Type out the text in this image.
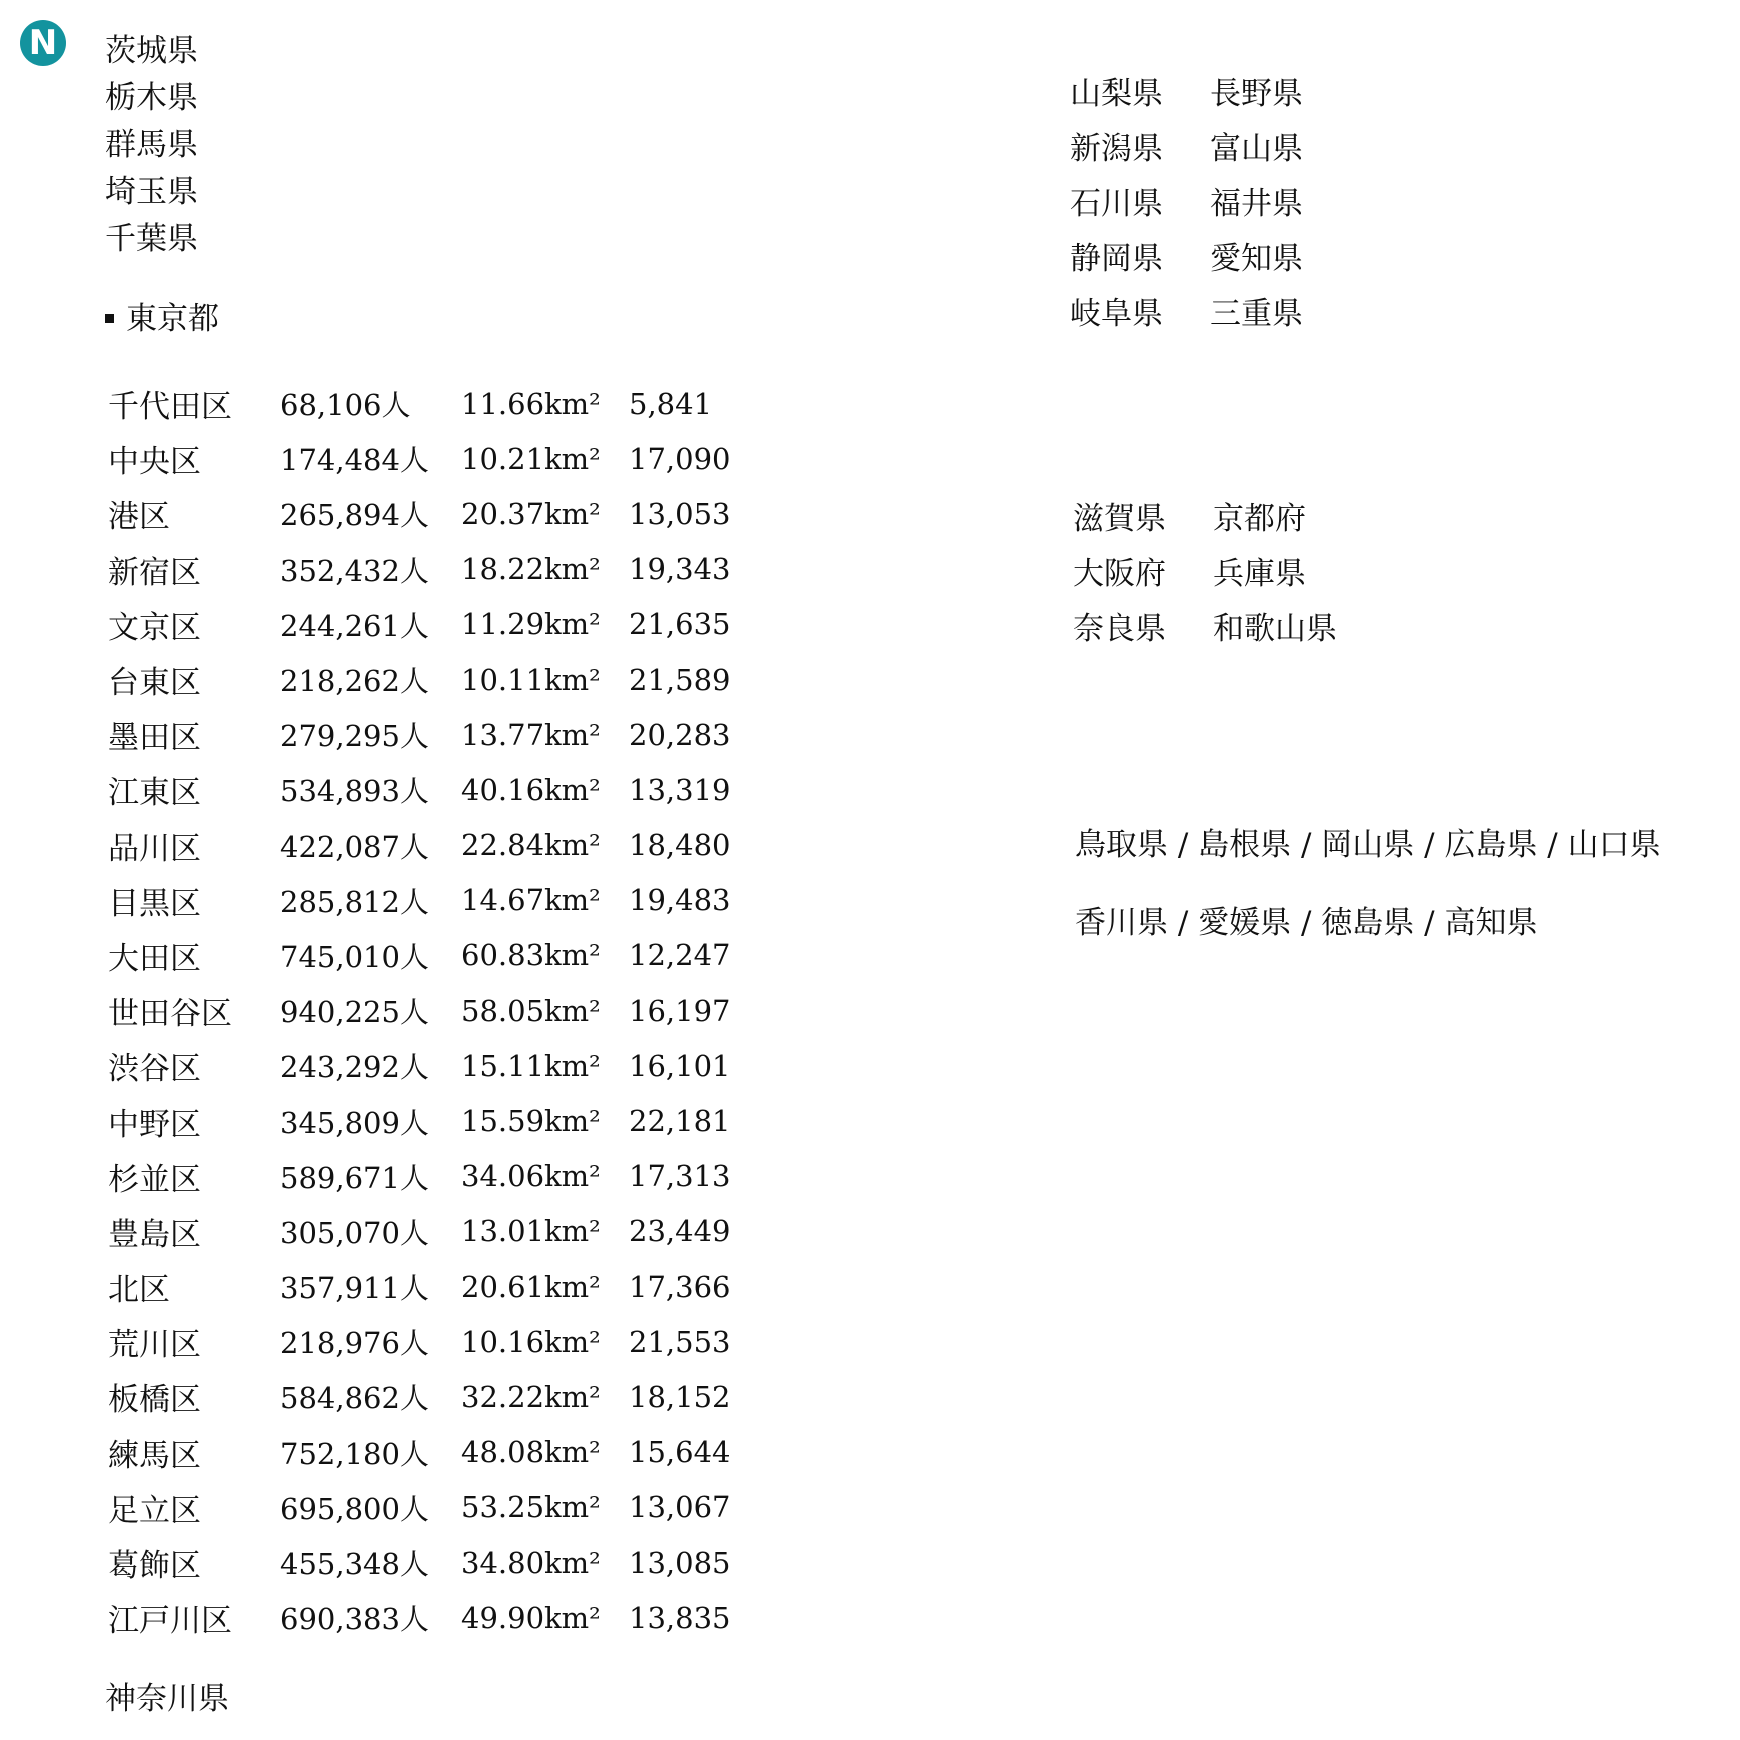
N 茨城県
栃木県
群馬県
埼玉県
千葉県
東京都
千代田区	68,106人	11.66km²	5,841
中央区	174,484人	10.21km²	17,090
港区	265,894人	20.37km²	13,053
新宿区	352,432人	18.22km²	19,343
文京区	244,261人	11.29km²	21,635
台東区	218,262人	10.11km²	21,589
墨田区	279,295人	13.77km²	20,283
江東区	534,893人	40.16km²	13,319
品川区	422,087人	22.84km²	18,480
目黒区	285,812人	14.67km²	19,483
大田区	745,010人	60.83km²	12,247
世田谷区	940,225人	58.05km²	16,197
渋谷区	243,292人	15.11km²	16,101
中野区	345,809人	15.59km²	22,181
杉並区	589,671人	34.06km²	17,313
豊島区	305,070人	13.01km²	23,449
北区	357,911人	20.61km²	17,366
荒川区	218,976人	10.16km²	21,553
板橋区	584,862人	32.22km²	18,152
練馬区	752,180人	48.08km²	15,644
足立区	695,800人	53.25km²	13,067
葛飾区	455,348人	34.80km²	13,085
江戸川区	690,383人	49.90km²	13,835
神奈川県
山梨県 長野県
新潟県 富山県
石川県 福井県
静岡県 愛知県
岐阜県 三重県
滋賀県 京都府
大阪府 兵庫県
奈良県 和歌山県
鳥取県 / 島根県 / 岡山県 / 広島県 / 山口県
香川県 / 愛媛県 / 徳島県 / 高知県
